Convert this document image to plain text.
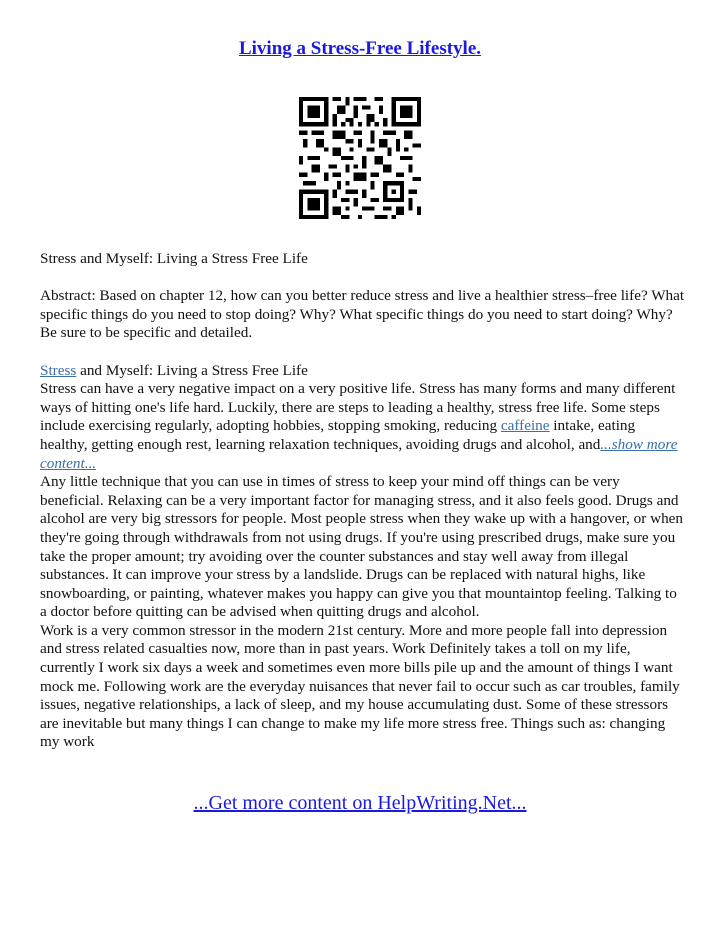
Living a Stress-Free Lifestyle.

Stress and Myself: Living a Stress Free Life

Abstract: Based on chapter 12, how can you better reduce stress and live a healthier stress–free life? What specific things do you need to stop doing? Why? What specific things do you need to start doing? Why? Be sure to be specific and detailed.

Stress and Myself: Living a Stress Free Life

Stress can have a very negative impact on a very positive life. Stress has many forms and many different ways of hitting one's life hard. Luckily, there are steps to leading a healthy, stress free life. Some steps include exercising regularly, adopting hobbies, stopping smoking, reducing caffeine intake, eating healthy, getting enough rest, learning relaxation techniques, avoiding drugs and alcohol, and...show more content...

Any little technique that you can use in times of stress to keep your mind off things can be very beneficial. Relaxing can be a very important factor for managing stress, and it also feels good. Drugs and alcohol are very big stressors for people. Most people stress when they wake up with a hangover, or when they're going through withdrawals from not using drugs. If you're using prescribed drugs, make sure you take the proper amount; try avoiding over the counter substances and stay well away from illegal substances. It can improve your stress by a landslide. Drugs can be replaced with natural highs, like snowboarding, or painting, whatever makes you happy can give you that mountaintop feeling. Talking to a doctor before quitting can be advised when quitting drugs and alcohol.

Work is a very common stressor in the modern 21st century. More and more people fall into depression and stress related casualties now, more than in past years. Work Definitely takes a toll on my life, currently I work six days a week and sometimes even more bills pile up and the amount of things I want mock me. Following work are the everyday nuisances that never fail to occur such as car troubles, family issues, negative relationships, a lack of sleep, and my house accumulating dust. Some of these stressors are inevitable but many things I can change to make my life more stress free. Things such as: changing my work

...Get more content on HelpWriting.Net...
